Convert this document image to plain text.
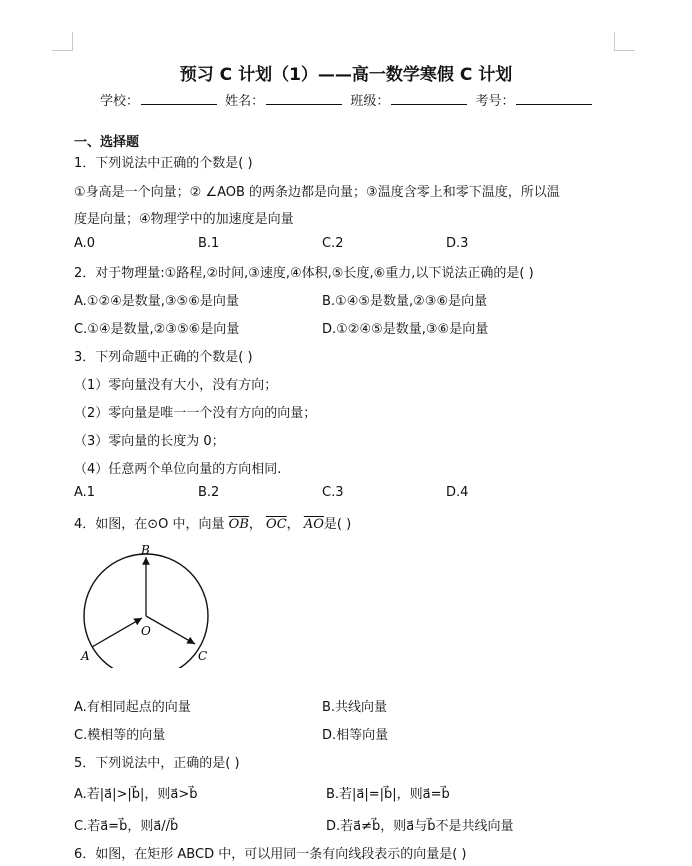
预习 C 计划（1）——高一数学寒假 C 计划
学校：	姓名：	班级：	考号：
一、选择题
1．下列说法中正确的个数是( )
①身高是一个向量；② ∠AOB 的两条边都是向量；③温度含零上和零下温度，所以温
度是向量；④物理学中的加速度是向量
A.0	B.1	C.2	D.3
2．对于物理量:①路程,②时间,③速度,④体积,⑤长度,⑥重力,以下说法正确的是( )
A.①②④是数量,③⑤⑥是向量	B.①④⑤是数量,②③⑥是向量
C.①④是数量,②③⑤⑥是向量	D.①②④⑤是数量,③⑥是向量
3．下列命题中正确的个数是( )
（1）零向量没有大小，没有方向；
（2）零向量是唯一一个没有方向的向量；
（3）零向量的长度为 0；
（4）任意两个单位向量的方向相同.
A.1	B.2	C.3	D.4
4．如图，在⊙O 中，向量 $\overline{OB}$， $\overline{OC}$， $\overline{AO}$是( )
B
O
A	C
A.有相同起点的向量	B.共线向量
C.模相等的向量	D.相等向量
5．下列说法中，正确的是( )
A.若|a⃗|>|b⃗|，则a⃗>b⃗	B.若|a⃗|=|b⃗|，则a⃗=b⃗
C.若a⃗=b⃗，则a⃗//b⃗	D.若a⃗≠b⃗，则a⃗与b⃗不是共线向量
6．如图，在矩形 ABCD 中，可以用同一条有向线段表示的向量是( )
